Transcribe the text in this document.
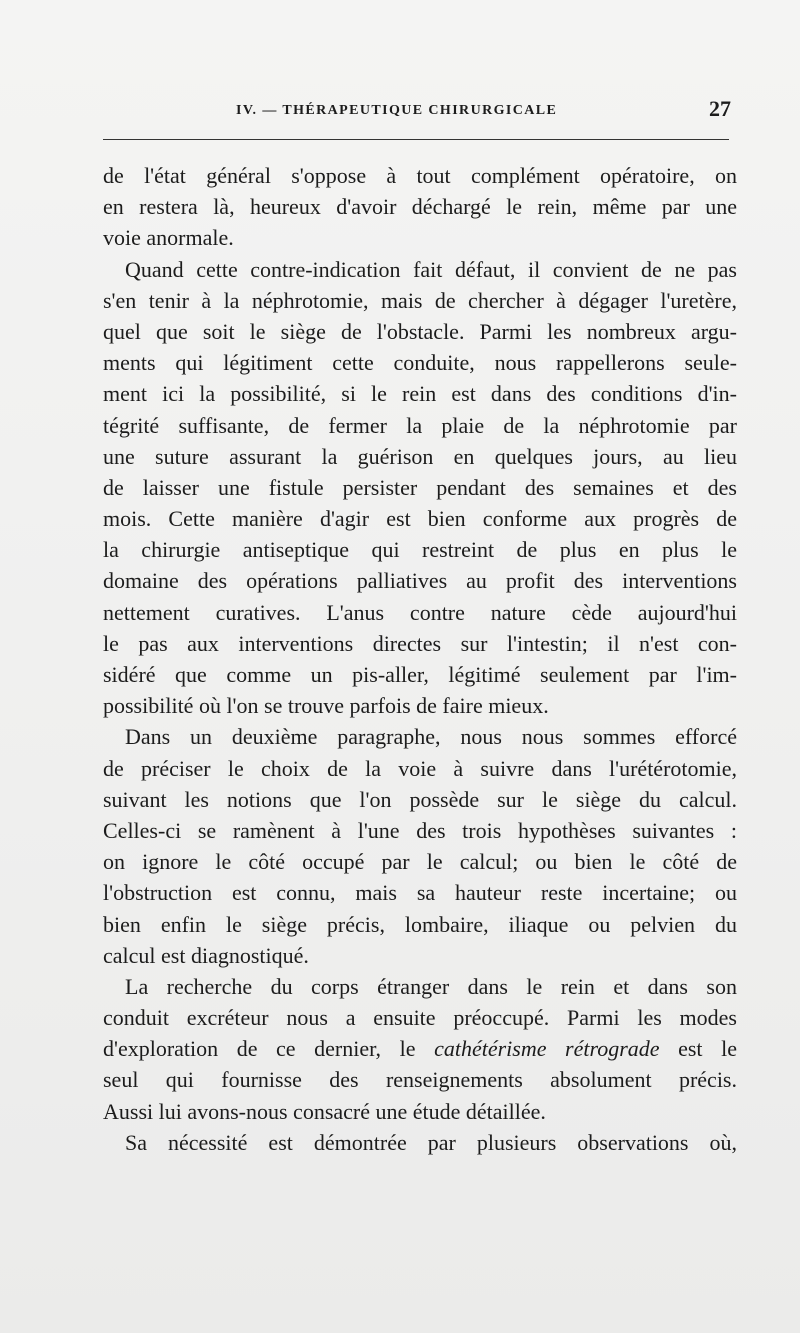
IV. — THÉRAPEUTIQUE CHIRURGICALE	27

de l'état général s'oppose à tout complément opératoire, on
en restera là, heureux d'avoir déchargé le rein, même par une
voie anormale.

Quand cette contre-indication fait défaut, il convient de ne pas
s'en tenir à la néphrotomie, mais de chercher à dégager l'uretère,
quel que soit le siège de l'obstacle. Parmi les nombreux argu-
ments qui légitiment cette conduite, nous rappellerons seule-
ment ici la possibilité, si le rein est dans des conditions d'in-
tégrité suffisante, de fermer la plaie de la néphrotomie par
une suture assurant la guérison en quelques jours, au lieu
de laisser une fistule persister pendant des semaines et des
mois. Cette manière d'agir est bien conforme aux progrès de
la chirurgie antiseptique qui restreint de plus en plus le
domaine des opérations palliatives au profit des interventions
nettement curatives. L'anus contre nature cède aujourd'hui
le pas aux interventions directes sur l'intestin; il n'est con-
sidéré que comme un pis-aller, légitimé seulement par l'im-
possibilité où l'on se trouve parfois de faire mieux.

Dans un deuxième paragraphe, nous nous sommes efforcé
de préciser le choix de la voie à suivre dans l'urétérotomie,
suivant les notions que l'on possède sur le siège du calcul.
Celles-ci se ramènent à l'une des trois hypothèses suivantes :
on ignore le côté occupé par le calcul; ou bien le côté de
l'obstruction est connu, mais sa hauteur reste incertaine; ou
bien enfin le siège précis, lombaire, iliaque ou pelvien du
calcul est diagnostiqué.

La recherche du corps étranger dans le rein et dans son
conduit excréteur nous a ensuite préoccupé. Parmi les modes
d'exploration de ce dernier, le cathétérisme rétrograde est le
seul qui fournisse des renseignements absolument précis.
Aussi lui avons-nous consacré une étude détaillée.

Sa nécessité est démontrée par plusieurs observations où,
